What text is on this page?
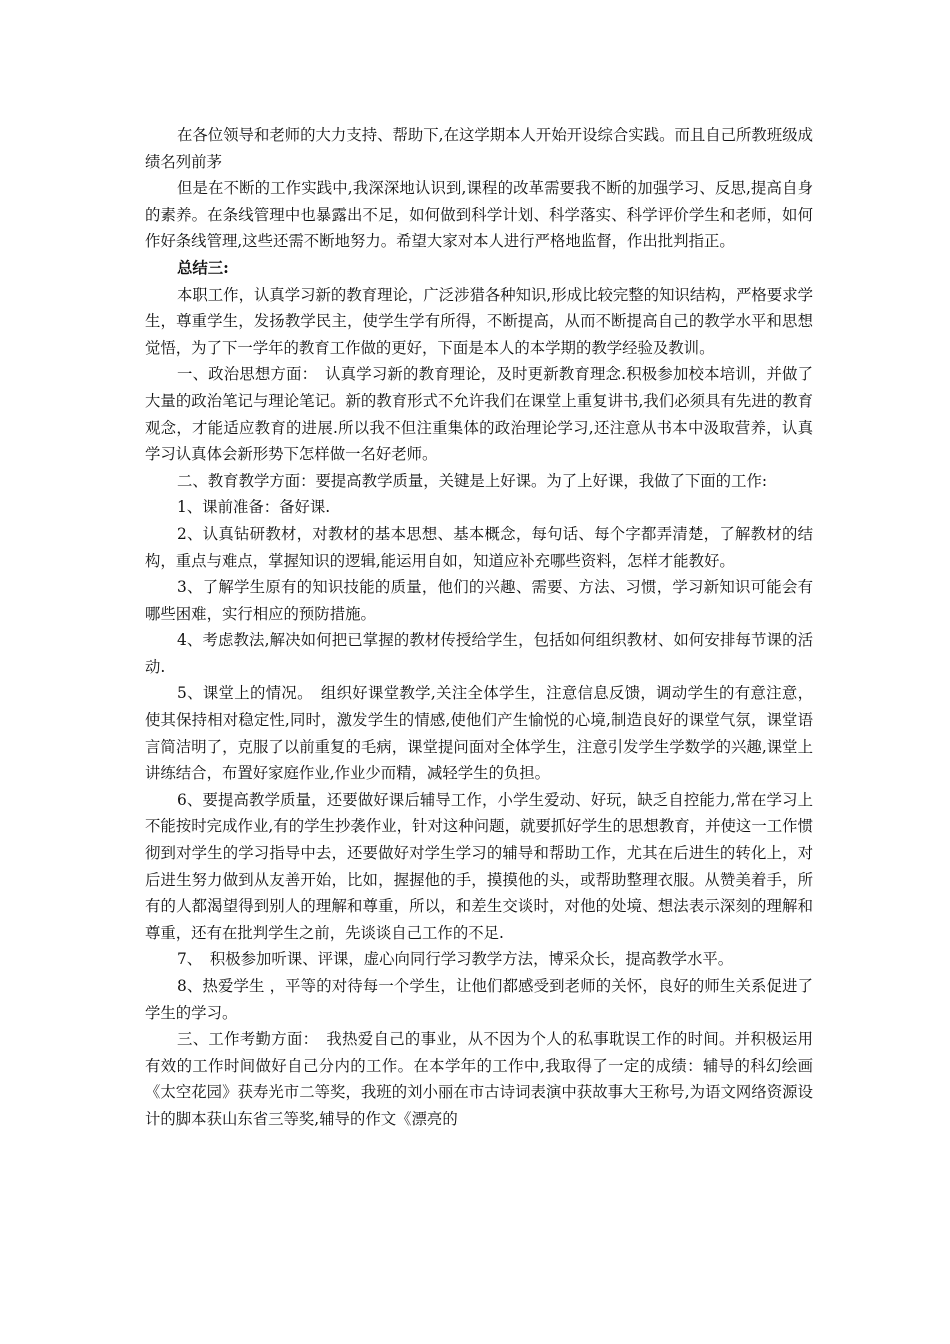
在各位领导和老师的大力支持、帮助下,在这学期本人开始开设综合实践。而且自己所教班级成绩名列前茅

但是在不断的工作实践中,我深深地认识到,课程的改革需要我不断的加强学习、反思,提高自身的素养。在条线管理中也暴露出不足，如何做到科学计划、科学落实、科学评价学生和老师，如何作好条线管理,这些还需不断地努力。希望大家对本人进行严格地监督，作出批判指正。

总结三:

本职工作，认真学习新的教育理论，广泛涉猎各种知识,形成比较完整的知识结构，严格要求学生，尊重学生，发扬教学民主，使学生学有所得，不断提高，从而不断提高自己的教学水平和思想觉悟，为了下一学年的教育工作做的更好，下面是本人的本学期的教学经验及教训。

一、政治思想方面：　认真学习新的教育理论，及时更新教育理念.积极参加校本培训，并做了大量的政治笔记与理论笔记。新的教育形式不允许我们在课堂上重复讲书,我们必须具有先进的教育观念，才能适应教育的进展.所以我不但注重集体的政治理论学习,还注意从书本中汲取营养，认真学习认真体会新形势下怎样做一名好老师。

二、教育教学方面：要提高教学质量，关键是上好课。为了上好课，我做了下面的工作:

1、课前准备：备好课.

2、认真钻研教材，对教材的基本思想、基本概念，每句话、每个字都弄清楚，了解教材的结构，重点与难点，掌握知识的逻辑,能运用自如，知道应补充哪些资料，怎样才能教好。

3、了解学生原有的知识技能的质量，他们的兴趣、需要、方法、习惯，学习新知识可能会有哪些困难，实行相应的预防措施。

4、考虑教法,解决如何把已掌握的教材传授给学生，包括如何组织教材、如何安排每节课的活动.

5、课堂上的情况。　组织好课堂教学,关注全体学生，注意信息反馈，调动学生的有意注意，使其保持相对稳定性,同时，激发学生的情感,使他们产生愉悦的心境,制造良好的课堂气氛，课堂语言简洁明了，克服了以前重复的毛病，课堂提问面对全体学生，注意引发学生学数学的兴趣,课堂上讲练结合，布置好家庭作业,作业少而精，减轻学生的负担。

6、要提高教学质量，还要做好课后辅导工作，小学生爱动、好玩，缺乏自控能力,常在学习上不能按时完成作业,有的学生抄袭作业，针对这种问题，就要抓好学生的思想教育，并使这一工作惯彻到对学生的学习指导中去，还要做好对学生学习的辅导和帮助工作，尤其在后进生的转化上，对后进生努力做到从友善开始，比如，握握他的手，摸摸他的头，或帮助整理衣服。从赞美着手，所有的人都渴望得到别人的理解和尊重，所以，和差生交谈时，对他的处境、想法表示深刻的理解和尊重，还有在批判学生之前，先谈谈自己工作的不足.

7、　积极参加听课、评课，虚心向同行学习教学方法，博采众长，提高教学水平。

8、热爱学生 ，平等的对待每一个学生，让他们都感受到老师的关怀，良好的师生关系促进了学生的学习。

三、工作考勤方面：　我热爱自己的事业，从不因为个人的私事耽误工作的时间。并积极运用有效的工作时间做好自己分内的工作。在本学年的工作中,我取得了一定的成绩：辅导的科幻绘画《太空花园》获寿光市二等奖，我班的刘小丽在市古诗词表演中获故事大王称号,为语文网络资源设计的脚本获山东省三等奖,辅导的作文《漂亮的
